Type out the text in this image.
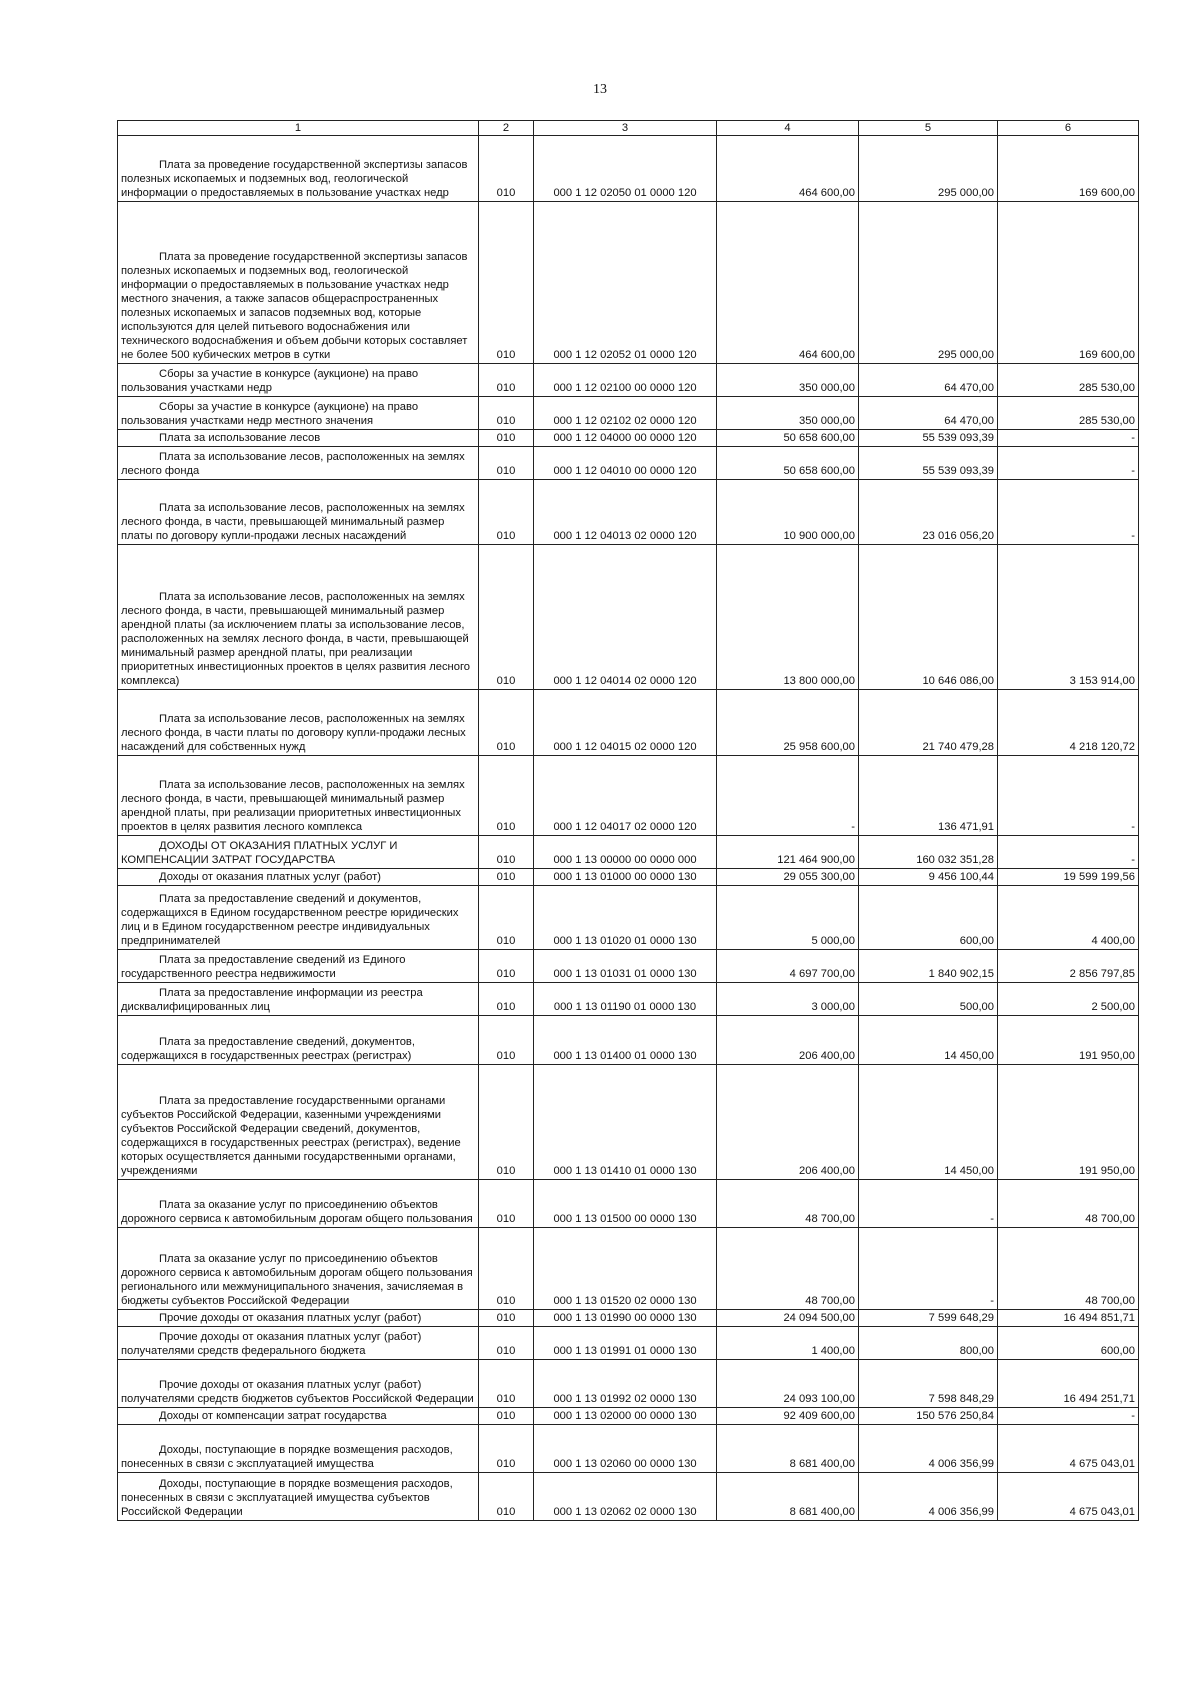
13
1	2	3	4	5	6

Плата за проведение государственной экспертизы запасов полезных ископаемых и подземных вод, геологической информации о предоставляемых в пользование участках недр	010	000 1 12 02050 01 0000 120	464 600,00	295 000,00	169 600,00

Плата за проведение государственной экспертизы запасов полезных ископаемых и подземных вод, геологической информации о предоставляемых в пользование участках недр местного значения, а также запасов общераспространенных полезных ископаемых и запасов подземных вод, которые используются для целей питьевого водоснабжения или технического водоснабжения и объем добычи которых составляет не более 500 кубических метров в сутки	010	000 1 12 02052 01 0000 120	464 600,00	295 000,00	169 600,00

Сборы за участие в конкурсе (аукционе) на право пользования участками недр	010	000 1 12 02100 00 0000 120	350 000,00	64 470,00	285 530,00

Сборы за участие в конкурсе (аукционе) на право пользования участками недр местного значения	010	000 1 12 02102 02 0000 120	350 000,00	64 470,00	285 530,00

Плата за использование лесов	010	000 1 12 04000 00 0000 120	50 658 600,00	55 539 093,39	-

Плата за использование лесов, расположенных на землях лесного фонда	010	000 1 12 04010 00 0000 120	50 658 600,00	55 539 093,39	-

Плата за использование лесов, расположенных на землях лесного фонда, в части, превышающей минимальный размер платы по договору купли-продажи лесных насаждений	010	000 1 12 04013 02 0000 120	10 900 000,00	23 016 056,20	-

Плата за использование лесов, расположенных на землях лесного фонда, в части, превышающей минимальный размер арендной платы (за исключением платы за использование лесов, расположенных на землях лесного фонда, в части, превышающей минимальный размер арендной платы, при реализации приоритетных инвестиционных проектов в целях развития лесного комплекса)	010	000 1 12 04014 02 0000 120	13 800 000,00	10 646 086,00	3 153 914,00

Плата за использование лесов, расположенных на землях лесного фонда, в части платы по договору купли-продажи лесных насаждений для собственных нужд	010	000 1 12 04015 02 0000 120	25 958 600,00	21 740 479,28	4 218 120,72

Плата за использование лесов, расположенных на землях лесного фонда, в части, превышающей минимальный размер арендной платы, при реализации приоритетных инвестиционных проектов в целях развития лесного комплекса	010	000 1 12 04017 02 0000 120	-	136 471,91	-

ДОХОДЫ ОТ ОКАЗАНИЯ ПЛАТНЫХ УСЛУГ И КОМПЕНСАЦИИ ЗАТРАТ ГОСУДАРСТВА	010	000 1 13 00000 00 0000 000	121 464 900,00	160 032 351,28	-

Доходы от оказания платных услуг (работ)	010	000 1 13 01000 00 0000 130	29 055 300,00	9 456 100,44	19 599 199,56

Плата за предоставление сведений и документов, содержащихся в Едином государственном реестре юридических лиц и в Едином государственном реестре индивидуальных предпринимателей	010	000 1 13 01020 01 0000 130	5 000,00	600,00	4 400,00

Плата за предоставление сведений из Единого государственного реестра недвижимости	010	000 1 13 01031 01 0000 130	4 697 700,00	1 840 902,15	2 856 797,85

Плата за предоставление информации из реестра дисквалифицированных лиц	010	000 1 13 01190 01 0000 130	3 000,00	500,00	2 500,00

Плата за предоставление сведений, документов, содержащихся в государственных реестрах (регистрах)	010	000 1 13 01400 01 0000 130	206 400,00	14 450,00	191 950,00

Плата за предоставление государственными органами субъектов Российской Федерации, казенными учреждениями субъектов Российской Федерации сведений, документов, содержащихся в государственных реестрах (регистрах), ведение которых осуществляется данными государственными органами, учреждениями	010	000 1 13 01410 01 0000 130	206 400,00	14 450,00	191 950,00

Плата за оказание услуг по присоединению объектов дорожного сервиса к автомобильным дорогам общего пользования	010	000 1 13 01500 00 0000 130	48 700,00	-	48 700,00

Плата за оказание услуг по присоединению объектов дорожного сервиса к автомобильным дорогам общего пользования регионального или межмуниципального значения, зачисляемая в бюджеты субъектов Российской Федерации	010	000 1 13 01520 02 0000 130	48 700,00	-	48 700,00

Прочие доходы от оказания платных услуг (работ)	010	000 1 13 01990 00 0000 130	24 094 500,00	7 599 648,29	16 494 851,71

Прочие доходы от оказания платных услуг (работ) получателями средств федерального бюджета	010	000 1 13 01991 01 0000 130	1 400,00	800,00	600,00

Прочие доходы от оказания платных услуг (работ) получателями средств бюджетов субъектов Российской Федерации	010	000 1 13 01992 02 0000 130	24 093 100,00	7 598 848,29	16 494 251,71

Доходы от компенсации затрат государства	010	000 1 13 02000 00 0000 130	92 409 600,00	150 576 250,84	-

Доходы, поступающие в порядке возмещения расходов, понесенных в связи с эксплуатацией имущества	010	000 1 13 02060 00 0000 130	8 681 400,00	4 006 356,99	4 675 043,01

Доходы, поступающие в порядке возмещения расходов, понесенных в связи с эксплуатацией имущества субъектов Российской Федерации	010	000 1 13 02062 02 0000 130	8 681 400,00	4 006 356,99	4 675 043,01
